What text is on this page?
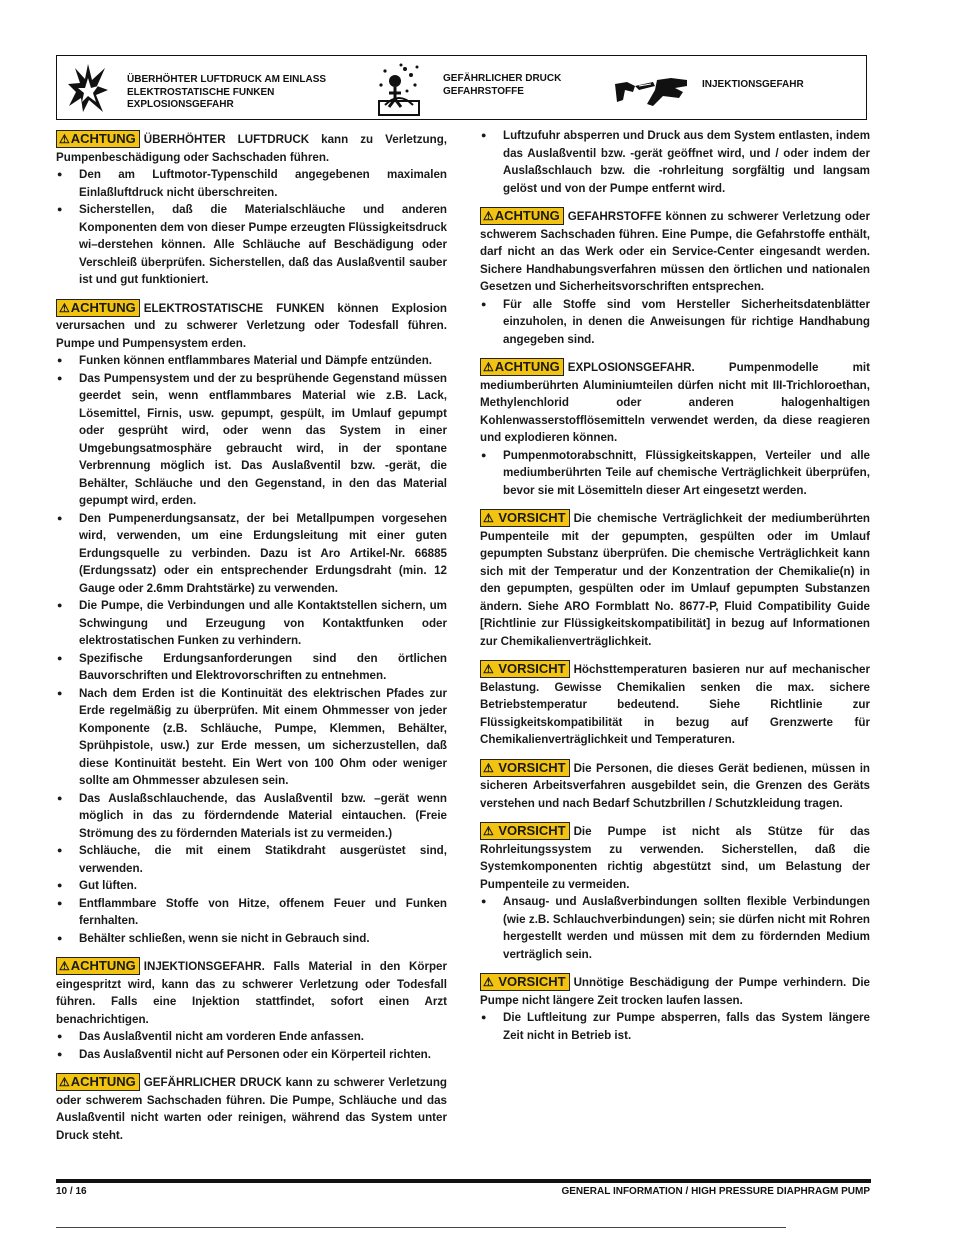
ÜBERHÖHTER LUFTDRUCK AM EINLASS
ELEKTROSTATISCHE FUNKEN
EXPLOSIONSGEFAHR
GEFÄHRLICHER DRUCK
GEFAHRSTOFFE
INJEKTIONSGEFAHR

⚠ACHTUNG ÜBERHÖHTER LUFTDRUCK kann zu Verletzung, Pumpenbeschädigung oder Sachschaden führen.

● Den am Luftmotor-Typenschild angegebenen maximalen Einlaßluftdruck nicht überschreiten.

● Sicherstellen, daß die Materialschläuche und anderen Komponenten dem von dieser Pumpe erzeugten Flüssigkeitsdruck wi–derstehen können. Alle Schläuche auf Beschädigung oder Verschleiß überprüfen. Sicherstellen, daß das Auslaßventil sauber ist und gut funktioniert.

⚠ACHTUNG ELEKTROSTATISCHE FUNKEN können Explosion verursachen und zu schwerer Verletzung oder Todesfall führen. Pumpe und Pumpensystem erden.

● Funken können entflammbares Material und Dämpfe entzünden.

● Das Pumpensystem und der zu besprühende Gegenstand müssen geerdet sein, wenn entflammbares Material wie z.B. Lack, Lösemittel, Firnis, usw. gepumpt, gespült, im Umlauf gepumpt oder gesprüht wird, oder wenn das System in einer Umgebungsatmosphäre gebraucht wird, in der spontane Verbrennung möglich ist. Das Auslaßventil bzw. -gerät, die Behälter, Schläuche und den Gegenstand, in den das Material gepumpt wird, erden.

● Den Pumpenerdungsansatz, der bei Metallpumpen vorgesehen wird, verwenden, um eine Erdungsleitung mit einer guten Erdungsquelle zu verbinden. Dazu ist Aro Artikel-Nr. 66885 (Erdungssatz) oder ein entsprechender Erdungsdraht (min. 12 Gauge oder 2.6mm Drahtstärke) zu verwenden.

● Die Pumpe, die Verbindungen und alle Kontaktstellen sichern, um Schwingung und Erzeugung von Kontaktfunken oder elektrostatischen Funken zu verhindern.

● Spezifische Erdungsanforderungen sind den örtlichen Bauvorschriften und Elektrovorschriften zu entnehmen.

● Nach dem Erden ist die Kontinuität des elektrischen Pfades zur Erde regelmäßig zu überprüfen. Mit einem Ohmmesser von jeder Komponente (z.B. Schläuche, Pumpe, Klemmen, Behälter, Sprühpistole, usw.) zur Erde messen, um sicherzustellen, daß diese Kontinuität besteht. Ein Wert von 100 Ohm oder weniger sollte am Ohmmesser abzulesen sein.

● Das Auslaßschlauchende, das Auslaßventil bzw. –gerät wenn möglich in das zu förderndende Material eintauchen. (Freie Strömung des zu fördernden Materials ist zu vermeiden.)

● Schläuche, die mit einem Statikdraht ausgerüstet sind, verwenden.

● Gut lüften.

● Entflammbare Stoffe von Hitze, offenem Feuer und Funken fernhalten.

● Behälter schließen, wenn sie nicht in Gebrauch sind.

⚠ACHTUNG INJEKTIONSGEFAHR. Falls Material in den Körper eingespritzt wird, kann das zu schwerer Verletzung oder Todesfall führen. Falls eine Injektion stattfindet, sofort einen Arzt benachrichtigen.

● Das Auslaßventil nicht am vorderen Ende anfassen.

● Das Auslaßventil nicht auf Personen oder ein Körperteil richten.

⚠ACHTUNG GEFÄHRLICHER DRUCK kann zu schwerer Verletzung oder schwerem Sachschaden führen. Die Pumpe, Schläuche und das Auslaßventil nicht warten oder reinigen, während das System unter Druck steht.

● Luftzufuhr absperren und Druck aus dem System entlasten, indem das Auslaßventil bzw. -gerät geöffnet wird, und / oder indem der Auslaßschlauch bzw. die -rohrleitung sorgfältig und langsam gelöst und von der Pumpe entfernt wird.

⚠ACHTUNG GEFAHRSTOFFE können zu schwerer Verletzung oder schwerem Sachschaden führen. Eine Pumpe, die Gefahrstoffe enthält, darf nicht an das Werk oder ein Service-Center eingesandt werden. Sichere Handhabungsverfahren müssen den örtlichen und nationalen Gesetzen und Sicherheitsvorschriften entsprechen.

● Für alle Stoffe sind vom Hersteller Sicherheitsdatenblätter einzuholen, in denen die Anweisungen für richtige Handhabung angegeben sind.

⚠ACHTUNG EXPLOSIONSGEFAHR. Pumpenmodelle mit mediumberührten Aluminiumteilen dürfen nicht mit III-Trichloroethan, Methylenchlorid oder anderen halogenhaltigen Kohlenwasserstofflösemitteln verwendet werden, da diese reagieren und explodieren können.

● Pumpenmotorabschnitt, Flüssigkeitskappen, Verteiler und alle mediumberührten Teile auf chemische Verträglichkeit überprüfen, bevor sie mit Lösemitteln dieser Art eingesetzt werden.

⚠ VORSICHT Die chemische Verträglichkeit der mediumberührten Pumpenteile mit der gepumpten, gespülten oder im Umlauf gepumpten Substanz überprüfen. Die chemische Verträglichkeit kann sich mit der Temperatur und der Konzentration der Chemikalie(n) in den gepumpten, gespülten oder im Umlauf gepumpten Substanzen ändern. Siehe ARO Formblatt No. 8677-P, Fluid Compatibility Guide [Richtlinie zur Flüssigkeitskompatibilität] in bezug auf Informationen zur Chemikalienverträglichkeit.

⚠ VORSICHT Höchsttemperaturen basieren nur auf mechanischer Belastung. Gewisse Chemikalien senken die max. sichere Betriebstemperatur bedeutend. Siehe Richtlinie zur Flüssigkeitskompatibilität in bezug auf Grenzwerte für Chemikalienverträglichkeit und Temperaturen.

⚠ VORSICHT Die Personen, die dieses Gerät bedienen, müssen in sicheren Arbeitsverfahren ausgebildet sein, die Grenzen des Geräts verstehen und nach Bedarf Schutzbrillen / Schutzkleidung tragen.

⚠ VORSICHT Die Pumpe ist nicht als Stütze für das Rohrleitungssystem zu verwenden. Sicherstellen, daß die Systemkomponenten richtig abgestützt sind, um Belastung der Pumpenteile zu vermeiden.

● Ansaug- und Auslaßverbindungen sollten flexible Verbindungen (wie z.B. Schlauchverbindungen) sein; sie dürfen nicht mit Rohren hergestellt werden und müssen mit dem zu fördernden Medium verträglich sein.

⚠ VORSICHT Unnötige Beschädigung der Pumpe verhindern. Die Pumpe nicht längere Zeit trocken laufen lassen.

● Die Luftleitung zur Pumpe absperren, falls das System längere Zeit nicht in Betrieb ist.

10 / 16	GENERAL INFORMATION / HIGH PRESSURE DIAPHRAGM PUMP
